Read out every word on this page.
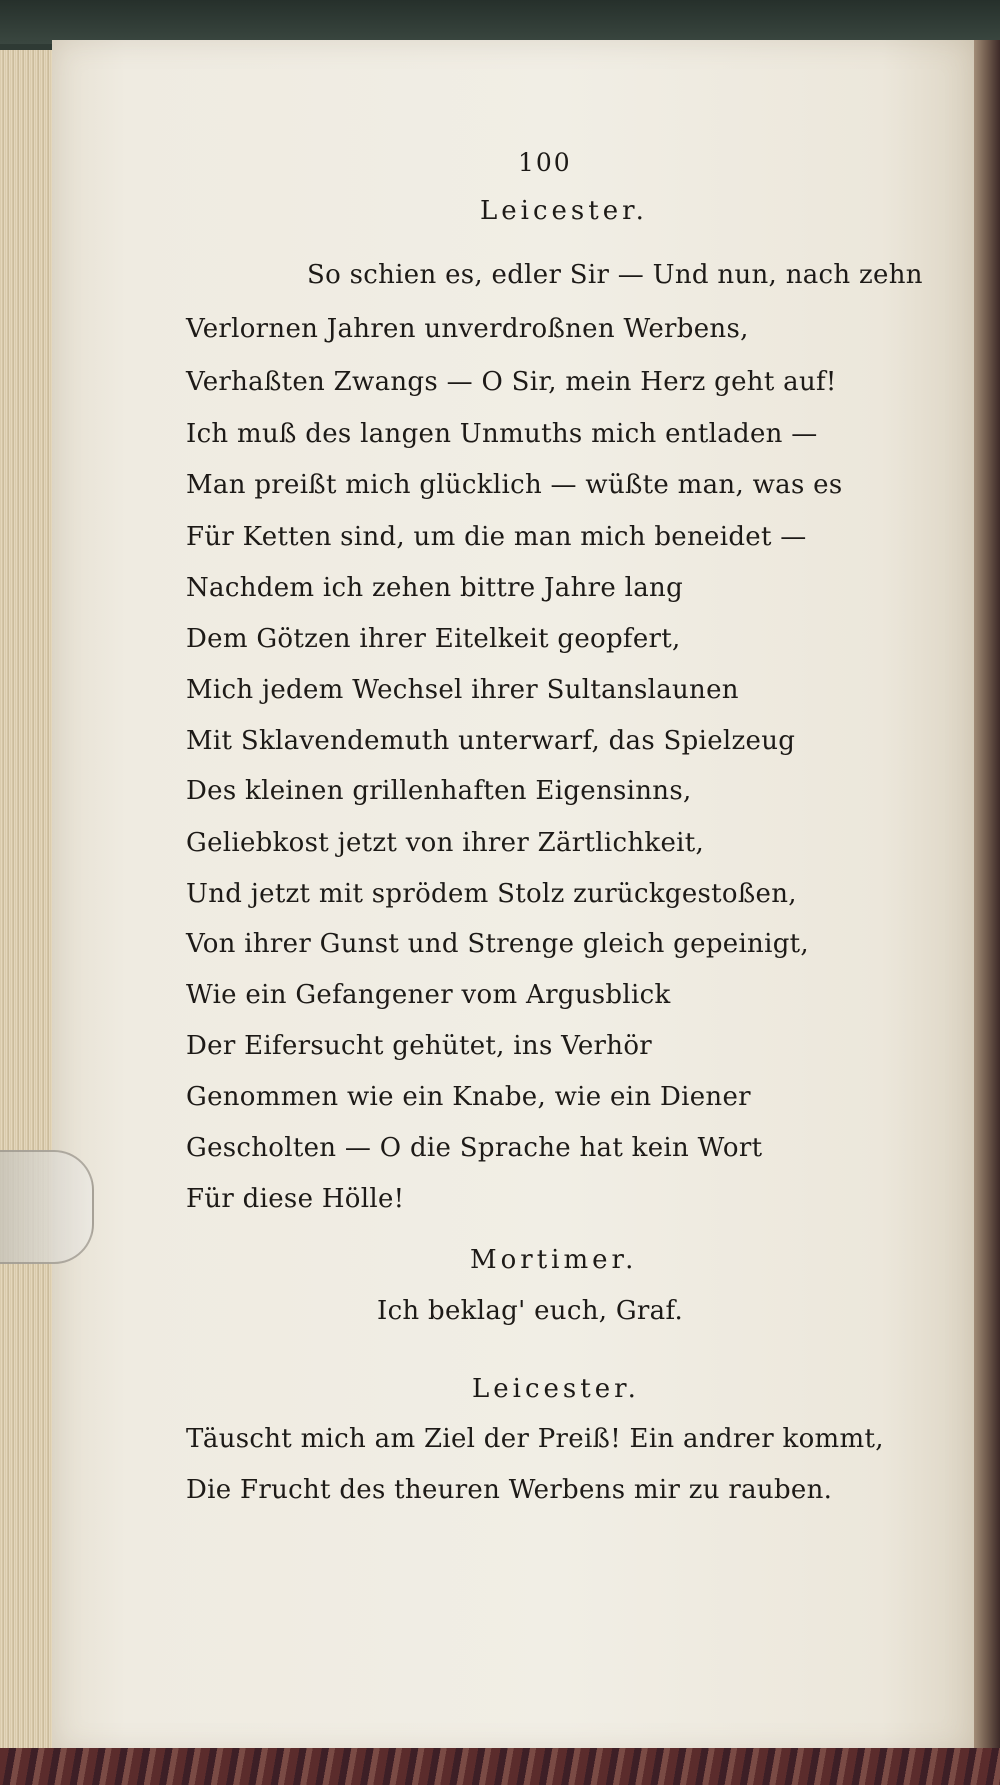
100
Leicester.
So schien es, edler Sir — Und nun, nach zehn
Verlornen Jahren unverdroßnen Werbens,
Verhaßten Zwangs — O Sir, mein Herz geht auf!
Ich muß des langen Unmuths mich entladen —
Man preißt mich glücklich — wüßte man, was es
Für Ketten sind, um die man mich beneidet —
Nachdem ich zehen bittre Jahre lang
Dem Götzen ihrer Eitelkeit geopfert,
Mich jedem Wechsel ihrer Sultanslaunen
Mit Sklavendemuth unterwarf, das Spielzeug
Des kleinen grillenhaften Eigensinns,
Geliebkost jetzt von ihrer Zärtlichkeit,
Und jetzt mit sprödem Stolz zurückgestoßen,
Von ihrer Gunst und Strenge gleich gepeinigt,
Wie ein Gefangener vom Argusblick
Der Eifersucht gehütet, ins Verhör
Genommen wie ein Knabe, wie ein Diener
Gescholten — O die Sprache hat kein Wort
Für diese Hölle!
Mortimer.
Ich beklag' euch, Graf.
Leicester.
Täuscht mich am Ziel der Preiß! Ein andrer kommt,
Die Frucht des theuren Werbens mir zu rauben.
